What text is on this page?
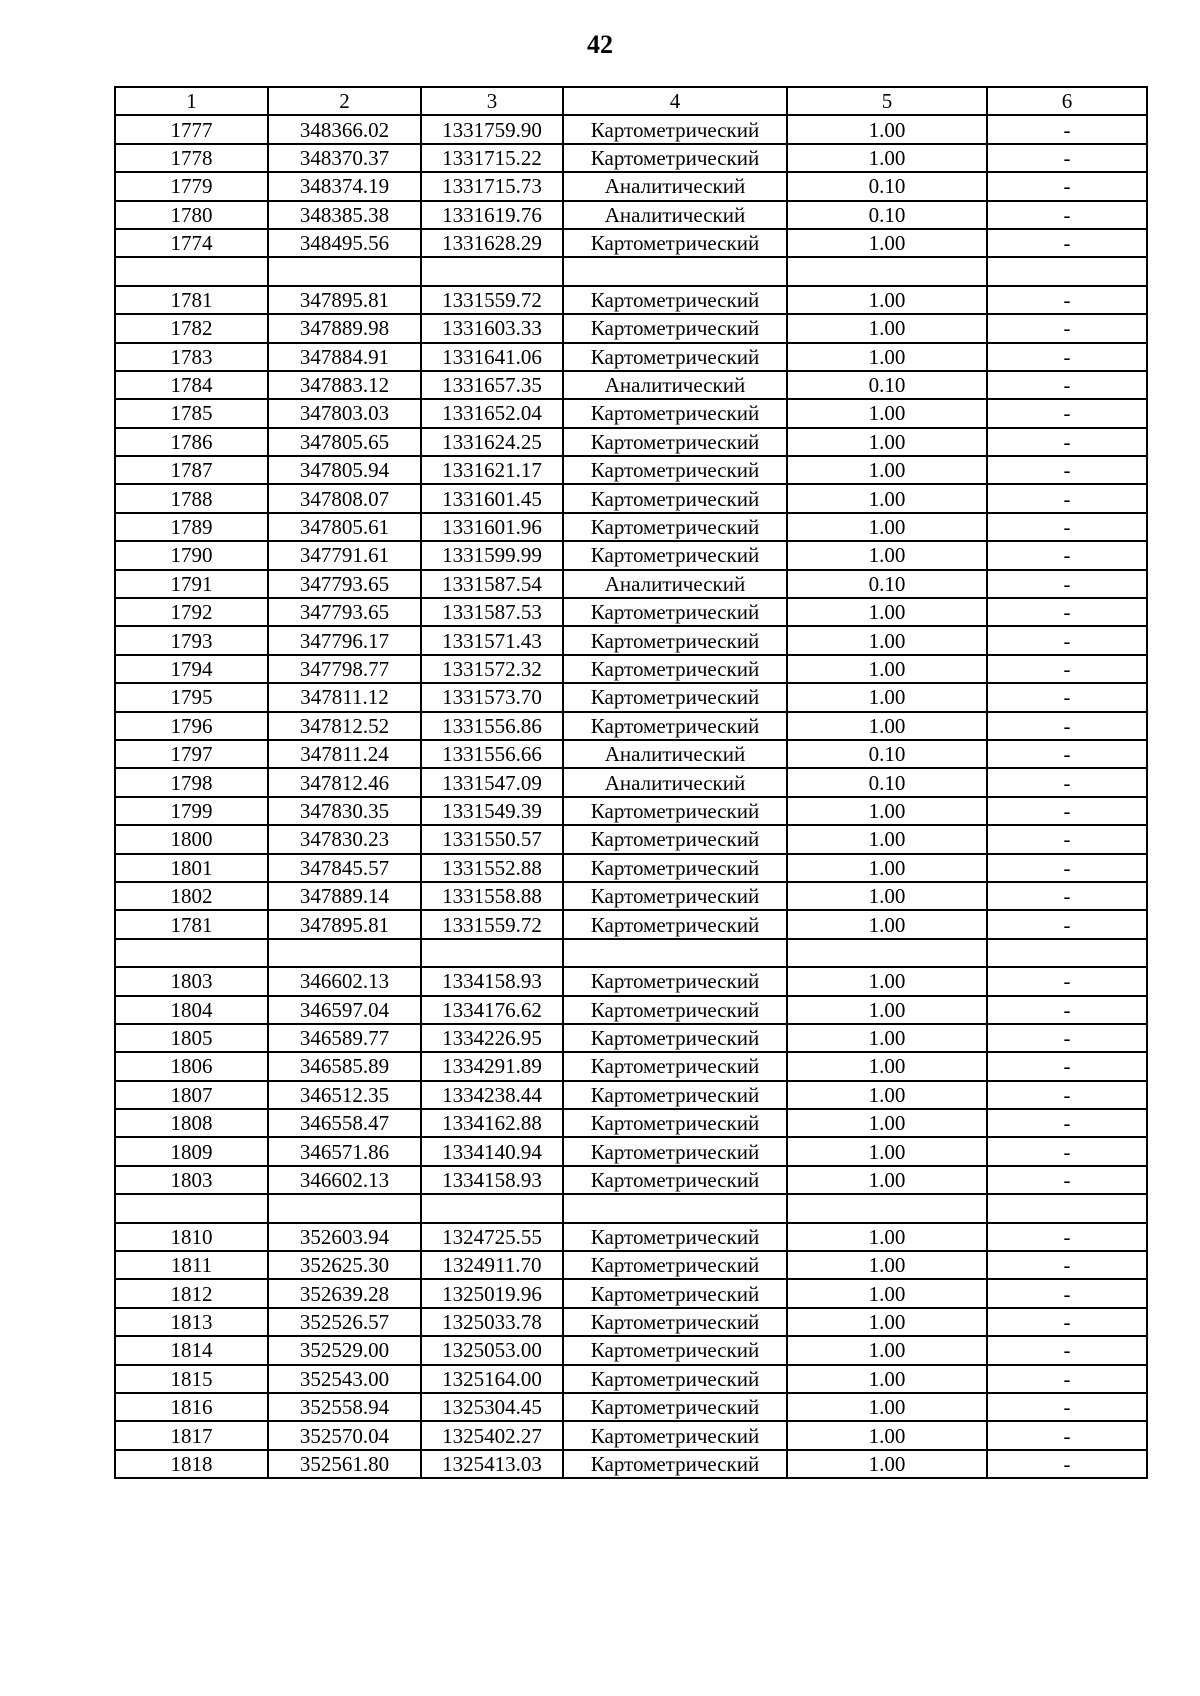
42
1	2	3	4	5	6
1777	348366.02	1331759.90	Картометрический	1.00	-
1778	348370.37	1331715.22	Картометрический	1.00	-
1779	348374.19	1331715.73	Аналитический	0.10	-
1780	348385.38	1331619.76	Аналитический	0.10	-
1774	348495.56	1331628.29	Картометрический	1.00	-

1781	347895.81	1331559.72	Картометрический	1.00	-
1782	347889.98	1331603.33	Картометрический	1.00	-
1783	347884.91	1331641.06	Картометрический	1.00	-
1784	347883.12	1331657.35	Аналитический	0.10	-
1785	347803.03	1331652.04	Картометрический	1.00	-
1786	347805.65	1331624.25	Картометрический	1.00	-
1787	347805.94	1331621.17	Картометрический	1.00	-
1788	347808.07	1331601.45	Картометрический	1.00	-
1789	347805.61	1331601.96	Картометрический	1.00	-
1790	347791.61	1331599.99	Картометрический	1.00	-
1791	347793.65	1331587.54	Аналитический	0.10	-
1792	347793.65	1331587.53	Картометрический	1.00	-
1793	347796.17	1331571.43	Картометрический	1.00	-
1794	347798.77	1331572.32	Картометрический	1.00	-
1795	347811.12	1331573.70	Картометрический	1.00	-
1796	347812.52	1331556.86	Картометрический	1.00	-
1797	347811.24	1331556.66	Аналитический	0.10	-
1798	347812.46	1331547.09	Аналитический	0.10	-
1799	347830.35	1331549.39	Картометрический	1.00	-
1800	347830.23	1331550.57	Картометрический	1.00	-
1801	347845.57	1331552.88	Картометрический	1.00	-
1802	347889.14	1331558.88	Картометрический	1.00	-
1781	347895.81	1331559.72	Картометрический	1.00	-

1803	346602.13	1334158.93	Картометрический	1.00	-
1804	346597.04	1334176.62	Картометрический	1.00	-
1805	346589.77	1334226.95	Картометрический	1.00	-
1806	346585.89	1334291.89	Картометрический	1.00	-
1807	346512.35	1334238.44	Картометрический	1.00	-
1808	346558.47	1334162.88	Картометрический	1.00	-
1809	346571.86	1334140.94	Картометрический	1.00	-
1803	346602.13	1334158.93	Картометрический	1.00	-

1810	352603.94	1324725.55	Картометрический	1.00	-
1811	352625.30	1324911.70	Картометрический	1.00	-
1812	352639.28	1325019.96	Картометрический	1.00	-
1813	352526.57	1325033.78	Картометрический	1.00	-
1814	352529.00	1325053.00	Картометрический	1.00	-
1815	352543.00	1325164.00	Картометрический	1.00	-
1816	352558.94	1325304.45	Картометрический	1.00	-
1817	352570.04	1325402.27	Картометрический	1.00	-
1818	352561.80	1325413.03	Картометрический	1.00	-
